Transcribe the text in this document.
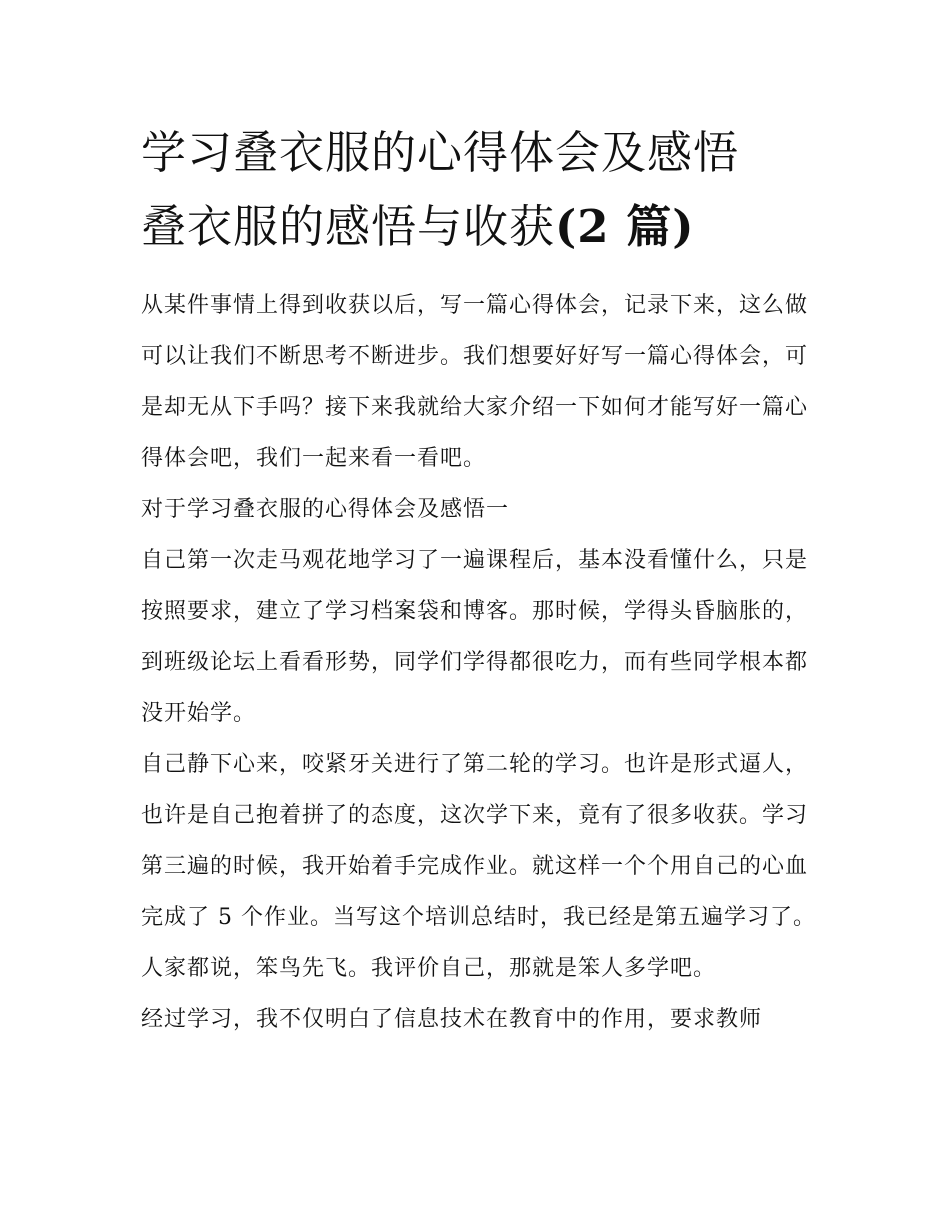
学习叠衣服的心得体会及感悟
叠衣服的感悟与收获(2 篇)

从某件事情上得到收获以后，写一篇心得体会，记录下来，这么做可以让我们不断思考不断进步。我们想要好好写一篇心得体会，可是却无从下手吗？接下来我就给大家介绍一下如何才能写好一篇心得体会吧，我们一起来看一看吧。

对于学习叠衣服的心得体会及感悟一

自己第一次走马观花地学习了一遍课程后，基本没看懂什么，只是按照要求，建立了学习档案袋和博客。那时候，学得头昏脑胀的，到班级论坛上看看形势，同学们学得都很吃力，而有些同学根本都没开始学。

自己静下心来，咬紧牙关进行了第二轮的学习。也许是形式逼人，也许是自己抱着拼了的态度，这次学下来，竟有了很多收获。学习第三遍的时候，我开始着手完成作业。就这样一个个用自己的心血完成了 5 个作业。当写这个培训总结时，我已经是第五遍学习了。人家都说，笨鸟先飞。我评价自己，那就是笨人多学吧。

经过学习，我不仅明白了信息技术在教育中的作用，要求教师
